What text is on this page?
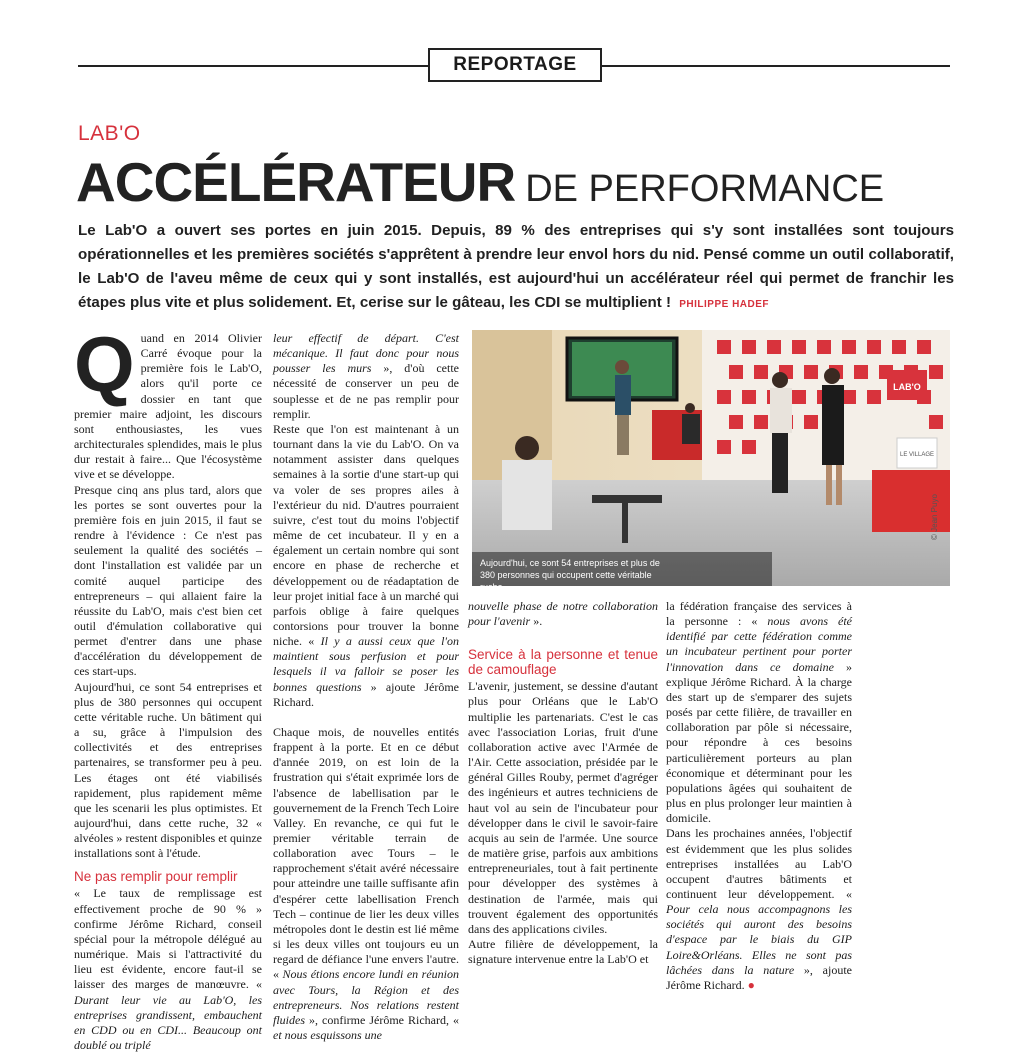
REPORTAGE
LAB'O
ACCÉLÉRATEUR DE PERFORMANCE
Le Lab'O a ouvert ses portes en juin 2015. Depuis, 89 % des entreprises qui s'y sont installées sont toujours opérationnelles et les premières sociétés s'apprêtent à prendre leur envol hors du nid. Pensé comme un outil collaboratif, le Lab'O de l'aveu même de ceux qui y sont installés, est aujourd'hui un accélérateur réel qui permet de franchir les étapes plus vite et plus solidement. Et, cerise sur le gâteau, les CDI se multiplient ! PHILIPPE HADEF

Quand en 2014 Olivier Carré évoque pour la première fois le Lab'O, alors qu'il porte ce dossier en tant que premier maire adjoint, les discours sont enthousiastes, les vues architecturales splendides, mais le plus dur restait à faire... Que l'écosystème vive et se développe.

Presque cinq ans plus tard, alors que les portes se sont ouvertes pour la première fois en juin 2015, il faut se rendre à l'évidence : Ce n'est pas seulement la qualité des sociétés – dont l'installation est validée par un comité auquel participe des entrepreneurs – qui allaient faire la réussite du Lab'O, mais c'est bien cet outil d'émulation collaborative qui permet d'entrer dans une phase d'accélération du développement de ces start-ups.

Aujourd'hui, ce sont 54 entreprises et plus de 380 personnes qui occupent cette véritable ruche. Un bâtiment qui a su, grâce à l'impulsion des collectivités et des entreprises partenaires, se transformer peu à peu. Les étages ont été viabilisés rapidement, plus rapidement même que les scenarii les plus optimistes. Et aujourd'hui, dans cette ruche, 32 « alvéoles » restent disponibles et quinze installations sont à l'étude.

Ne pas remplir pour remplir

« Le taux de remplissage est effectivement proche de 90 % » confirme Jérôme Richard, conseil spécial pour la métropole délégué au numérique. Mais si l'attractivité du lieu est évidente, encore faut-il se laisser des marges de manœuvre. « Durant leur vie au Lab'O, les entreprises grandissent, embauchent en CDD ou en CDI... Beaucoup ont doublé ou triplé

leur effectif de départ. C'est mécanique. Il faut donc pour nous pousser les murs », d'où cette nécessité de conserver un peu de souplesse et de ne pas remplir pour remplir.

Reste que l'on est maintenant à un tournant dans la vie du Lab'O. On va notamment assister dans quelques semaines à la sortie d'une start-up qui va voler de ses propres ailes à l'extérieur du nid. D'autres pourraient suivre, c'est tout du moins l'objectif même de cet incubateur. Il y en a également un certain nombre qui sont encore en phase de recherche et développement ou de réadaptation de leur projet initial face à un marché qui parfois oblige à faire quelques contorsions pour trouver la bonne niche. « Il y a aussi ceux que l'on maintient sous perfusion et pour lesquels il va falloir se poser les bonnes questions » ajoute Jérôme Richard.

Chaque mois, de nouvelles entités frappent à la porte. Et en ce début d'année 2019, on est loin de la frustration qui s'était exprimée lors de l'absence de labellisation par le gouvernement de la French Tech Loire Valley. En revanche, ce qui fut le premier véritable terrain de collaboration avec Tours – le rapprochement s'était avéré nécessaire pour atteindre une taille suffisante afin d'espérer cette labellisation French Tech – continue de lier les deux villes métropoles dont le destin est lié même si les deux villes ont toujours eu un regard de défiance l'une envers l'autre. « Nous étions encore lundi en réunion avec Tours, la Région et des entrepreneurs. Nos relations restent fluides », confirme Jérôme Richard, « et nous esquissons une

LAB'O
LE VILLAGE
Aujourd'hui, ce sont 54 entreprises et plus de 380 personnes qui occupent cette véritable ruche.
© Jean Puyo

nouvelle phase de notre collaboration pour l'avenir ».

Service à la personne et tenue de camouflage

L'avenir, justement, se dessine d'autant plus pour Orléans que le Lab'O multiplie les partenariats. C'est le cas avec l'association Lorias, fruit d'une collaboration active avec l'Armée de l'Air. Cette association, présidée par le général Gilles Rouby, permet d'agréger des ingénieurs et autres techniciens de haut vol au sein de l'incubateur pour développer dans le civil le savoir-faire acquis au sein de l'armée. Une source de matière grise, parfois aux ambitions entrepreneuriales, tout à fait pertinente pour développer des systèmes à destination de l'armée, mais qui trouvent également des opportunités dans des applications civiles.

Autre filière de développement, la signature intervenue entre la Lab'O et

la fédération française des services à la personne : « nous avons été identifié par cette fédération comme un incubateur pertinent pour porter l'innovation dans ce domaine » explique Jérôme Richard. À la charge des start up de s'emparer des sujets posés par cette filière, de travailler en collaboration par pôle si nécessaire, pour répondre à ces besoins particulièrement porteurs au plan économique et déterminant pour les populations âgées qui souhaitent de plus en plus prolonger leur maintien à domicile.

Dans les prochaines années, l'objectif est évidemment que les plus solides entreprises installées au Lab'O occupent d'autres bâtiments et continuent leur développement. « Pour cela nous accompagnons les sociétés qui auront des besoins d'espace par le biais du GIP Loire&Orléans. Elles ne sont pas lâchées dans la nature », ajoute Jérôme Richard. ●
